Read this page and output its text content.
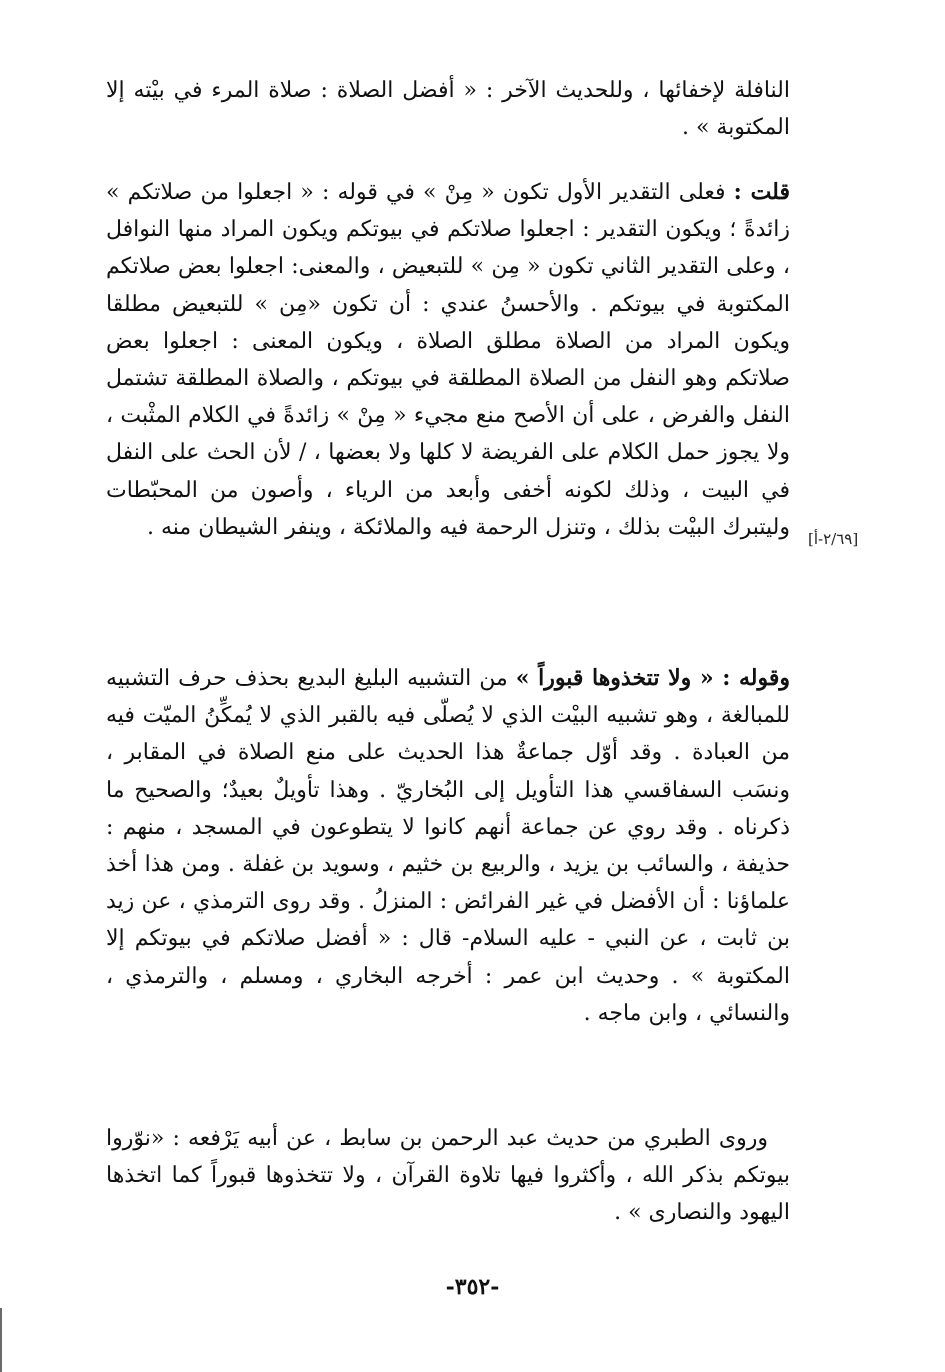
النافلة لإخفائها ، وللحديث الآخر : « أفضل الصلاة : صلاة المرء في بيْته إلا المكتوبة » .

قلت : فعلى التقدير الأول تكون « مِنْ » في قوله : « اجعلوا من صلاتكم » زائدةً ؛ ويكون التقدير : اجعلوا صلاتكم في بيوتكم ويكون المراد منها النوافل ، وعلى التقدير الثاني تكون « مِن » للتبعيض ، والمعنى: اجعلوا بعض صلاتكم المكتوبة في بيوتكم . والأحسنُ عندي : أن تكون «مِن » للتبعيض مطلقا ويكون المراد من الصلاة مطلق الصلاة ، ويكون المعنى : اجعلوا بعض صلاتكم وهو النفل من الصلاة المطلقة في بيوتكم ، والصلاة المطلقة تشتمل النفل والفرض ، على أن الأصح منع مجيء « مِنْ » زائدةً في الكلام المثْبت ، ولا يجوز حمل الكلام على الفريضة لا كلها ولا بعضها ، / لأن الحث على النفل في البيت ، وذلك لكونه أخفى وأبعد من الرياء ، وأصون من المحبّطات وليتبرك البيْت بذلك ، وتنزل الرحمة فيه والملائكة ، وينفر الشيطان منه . [٢/٦٩-أ]

وقوله : « ولا تتخذوها قبوراً » من التشبيه البليغ البديع بحذف حرف التشبيه للمبالغة ، وهو تشبيه البيْت الذي لا يُصلّى فيه بالقبر الذي لا يُمكِّنُ الميّت فيه من العبادة . وقد أوّل جماعةٌ هذا الحديث على منع الصلاة في المقابر ، ونسَب السفاقسي هذا التأويل إلى البُخاريّ . وهذا تأويلٌ بعيدٌ؛ والصحيح ما ذكرناه . وقد روي عن جماعة أنهم كانوا لا يتطوعون في المسجد ، منهم : حذيفة ، والسائب بن يزيد ، والربيع بن خثيم ، وسويد بن غفلة . ومن هذا أخذ علماؤنا : أن الأفضل في غير الفرائض : المنزلُ . وقد روى الترمذي ، عن زيد بن ثابت ، عن النبي - عليه السلام- قال : « أفضل صلاتكم في بيوتكم إلا المكتوبة » . وحديث ابن عمر : أخرجه البخاري ، ومسلم ، والترمذي ، والنسائي ، وابن ماجه .

وروى الطبري من حديث عبد الرحمن بن سابط ، عن أبيه يَرْفعه : «نوّروا بيوتكم بذكر الله ، وأكثروا فيها تلاوة القرآن ، ولا تتخذوها قبوراً كما اتخذها اليهود والنصارى » .

-٣٥٢-
